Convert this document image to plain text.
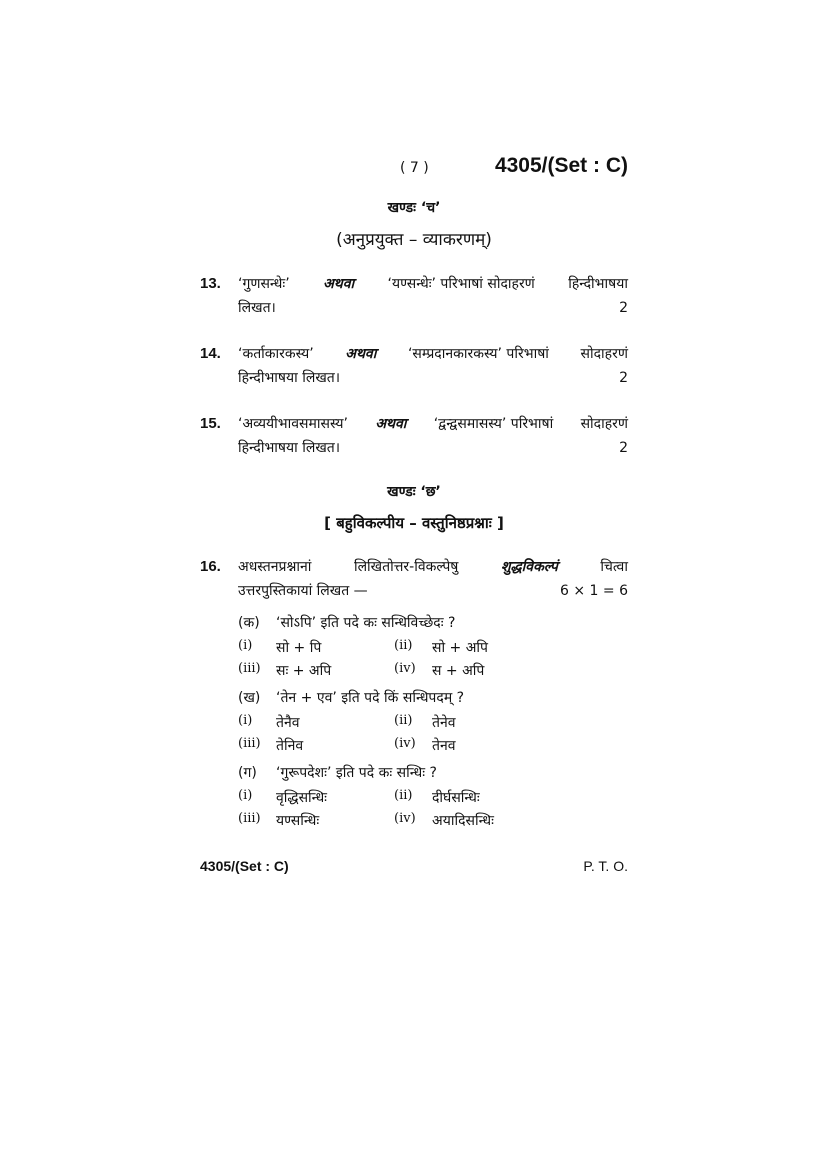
( 7 )	4305/(Set : C)
खण्डः ‘च’
(अनुप्रयुक्त – व्याकरणम्)
13. ‘गुणसन्धेः’ अथवा ‘यण्सन्धेः’ परिभाषां सोदाहरणं हिन्दीभाषया
लिखत।	2
14. ‘कर्ताकारकस्य’ अथवा ‘सम्प्रदानकारकस्य’ परिभाषां सोदाहरणं
हिन्दीभाषया लिखत।	2
15. ‘अव्ययीभावसमासस्य’ अथवा ‘द्वन्द्वसमासस्य’ परिभाषां सोदाहरणं
हिन्दीभाषया लिखत।	2
खण्डः ‘छ’
[ बहुविकल्पीय – वस्तुनिष्ठप्रश्नाः ]
16. अधस्तनप्रश्नानां	लिखितोत्तर-विकल्पेषु	शुद्धविकल्पं	चित्वा
उत्तरपुस्तिकायां लिखत —	6 × 1 = 6
(क) ‘सोऽपि’ इति पदे कः सन्धिविच्छेदः ?
(i)	सो + पि	(ii)	सो + अपि
(iii)	सः + अपि	(iv)	स + अपि
(ख) ‘तेन + एव’ इति पदे किं सन्धिपदम् ?
(i)	तेनैव	(ii)	तेनेव
(iii)	तेनिव	(iv)	तेनव
(ग) ‘गुरूपदेशः’ इति पदे कः सन्धिः ?
(i)	वृद्धिसन्धिः	(ii)	दीर्घसन्धिः
(iii)	यण्सन्धिः	(iv)	अयादिसन्धिः
4305/(Set : C)	P. T. O.
